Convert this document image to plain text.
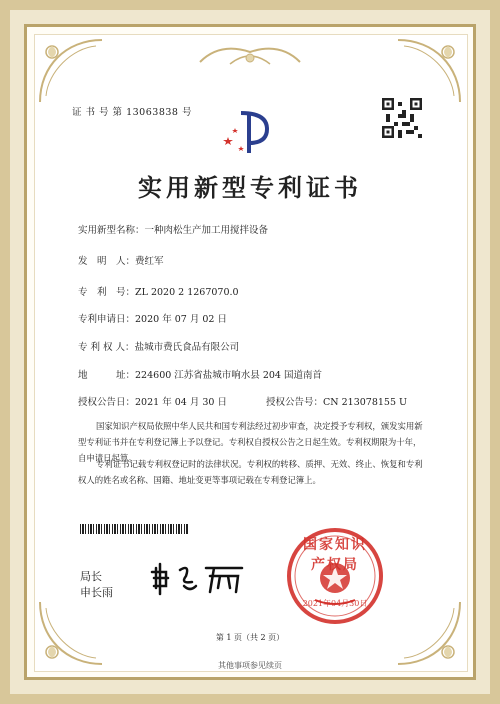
证 书 号 第 13063838 号
实用新型专利证书
实用新型名称：一种肉松生产加工用搅拌设备
发　明　人：费红军
专　利　号：ZL 2020 2 1267070.0
专利申请日：2020 年 07 月 02 日
专 利 权 人：盐城市费氏食品有限公司
地　　　址：224600 江苏省盐城市响水县 204 国道南首
授权公告日：2021 年 04 月 30 日	授权公告号：CN 213078155 U
国家知识产权局依照中华人民共和国专利法经过初步审查，决定授予专利权，颁发实用新型专利证书并在专利登记簿上予以登记。专利权自授权公告之日起生效。专利权期限为十年，自申请日起算。
专利证书记载专利权登记时的法律状况。专利权的转移、质押、无效、终止、恢复和专利权人的姓名或名称、国籍、地址变更等事项记载在专利登记簿上。
局长
申长雨
国家知识产权局
2021年04月30日
第 1 页（共 2 页）
其他事项参见续页
